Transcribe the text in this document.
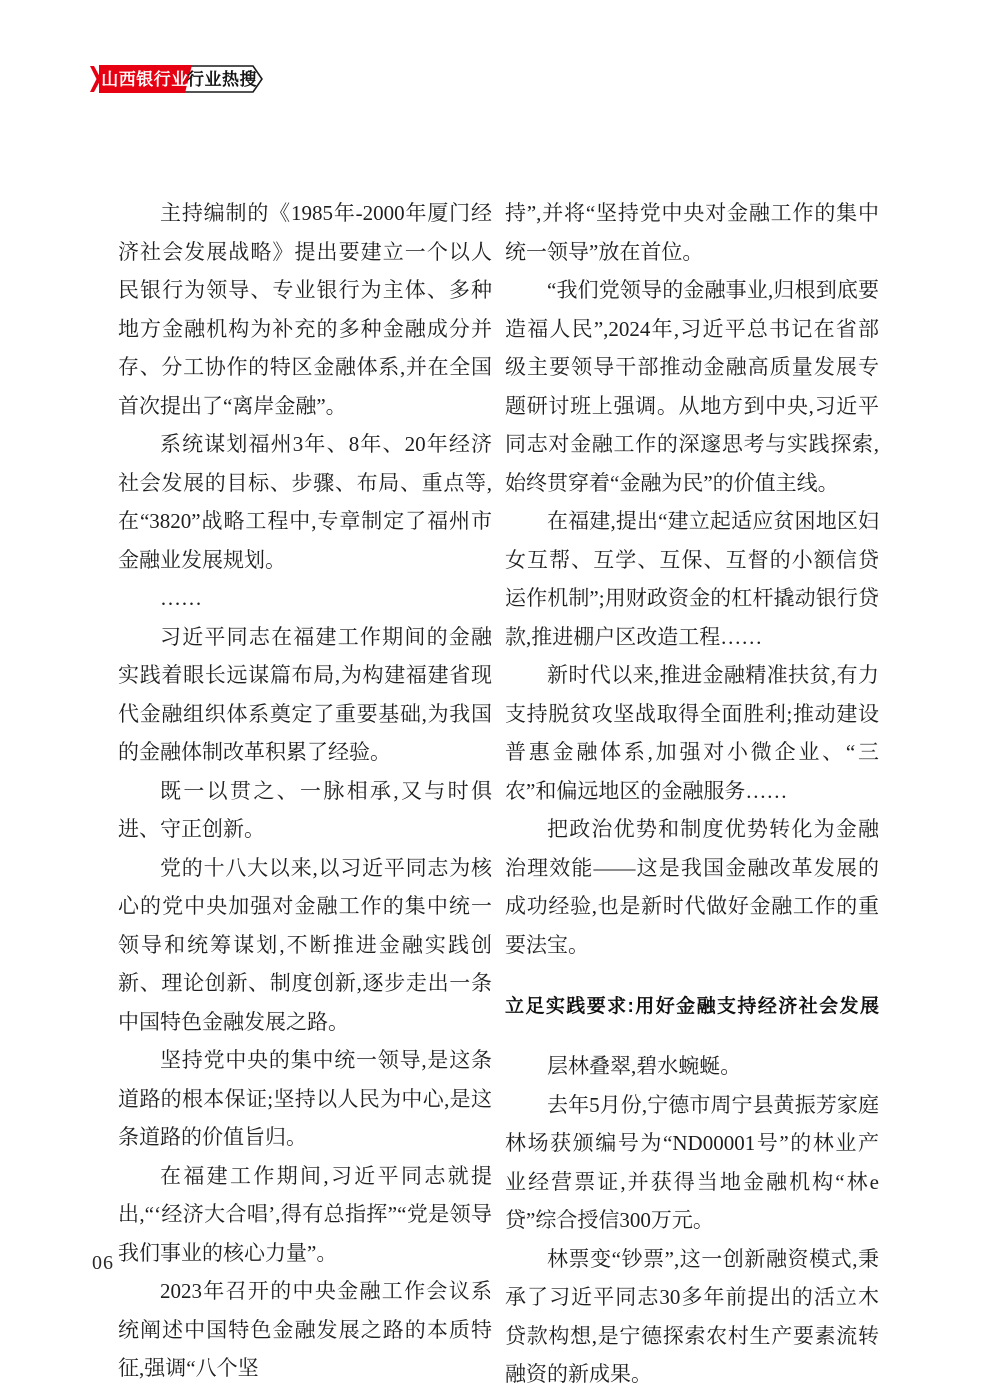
山西银行业
行业热搜

主持编制的《1985年-2000年厦门经济社会发展战略》提出要建立一个以人民银行为领导、专业银行为主体、多种地方金融机构为补充的多种金融成分并存、分工协作的特区金融体系,并在全国首次提出了“离岸金融”。

系统谋划福州3年、8年、20年经济社会发展的目标、步骤、布局、重点等,在“3820”战略工程中,专章制定了福州市金融业发展规划。

……

习近平同志在福建工作期间的金融实践着眼长远谋篇布局,为构建福建省现代金融组织体系奠定了重要基础,为我国的金融体制改革积累了经验。

既一以贯之、一脉相承,又与时俱进、守正创新。

党的十八大以来,以习近平同志为核心的党中央加强对金融工作的集中统一领导和统筹谋划,不断推进金融实践创新、理论创新、制度创新,逐步走出一条中国特色金融发展之路。

坚持党中央的集中统一领导,是这条道路的根本保证;坚持以人民为中心,是这条道路的价值旨归。

在福建工作期间,习近平同志就提出,“‘经济大合唱’,得有总指挥”“党是领导我们事业的核心力量”。

2023年召开的中央金融工作会议系统阐述中国特色金融发展之路的本质特征,强调“八个坚

持”,并将“坚持党中央对金融工作的集中统一领导”放在首位。

“我们党领导的金融事业,归根到底要造福人民”,2024年,习近平总书记在省部级主要领导干部推动金融高质量发展专题研讨班上强调。从地方到中央,习近平同志对金融工作的深邃思考与实践探索,始终贯穿着“金融为民”的价值主线。

在福建,提出“建立起适应贫困地区妇女互帮、互学、互保、互督的小额信贷运作机制”;用财政资金的杠杆撬动银行贷款,推进棚户区改造工程……

新时代以来,推进金融精准扶贫,有力支持脱贫攻坚战取得全面胜利;推动建设普惠金融体系,加强对小微企业、“三农”和偏远地区的金融服务……

把政治优势和制度优势转化为金融治理效能——这是我国金融改革发展的成功经验,也是新时代做好金融工作的重要法宝。

立足实践要求:用好金融支持经济社会发展

层林叠翠,碧水蜿蜒。

去年5月份,宁德市周宁县黄振芳家庭林场获颁编号为“ND00001号”的林业产业经营票证,并获得当地金融机构“林e贷”综合授信300万元。

林票变“钞票”,这一创新融资模式,秉承了习近平同志30多年前提出的活立木贷款构想,是宁德探索农村生产要素流转融资的新成果。

06
